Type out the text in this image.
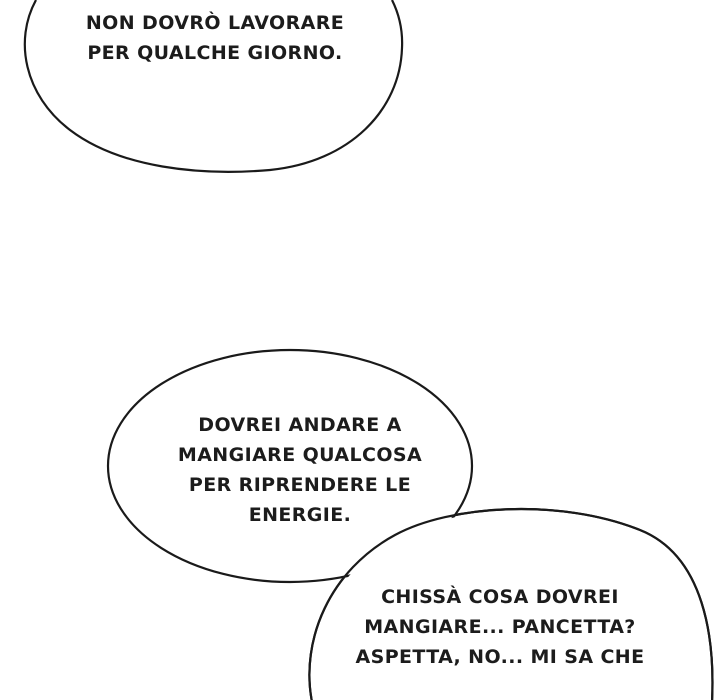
NON DOVRÒ LAVORARE
PER QUALCHE GIORNO.
DOVREI ANDARE A
MANGIARE QUALCOSA
PER RIPRENDERE LE
ENERGIE.
CHISSÀ COSA DOVREI
MANGIARE... PANCETTA?
ASPETTA, NO... MI SA CHE
